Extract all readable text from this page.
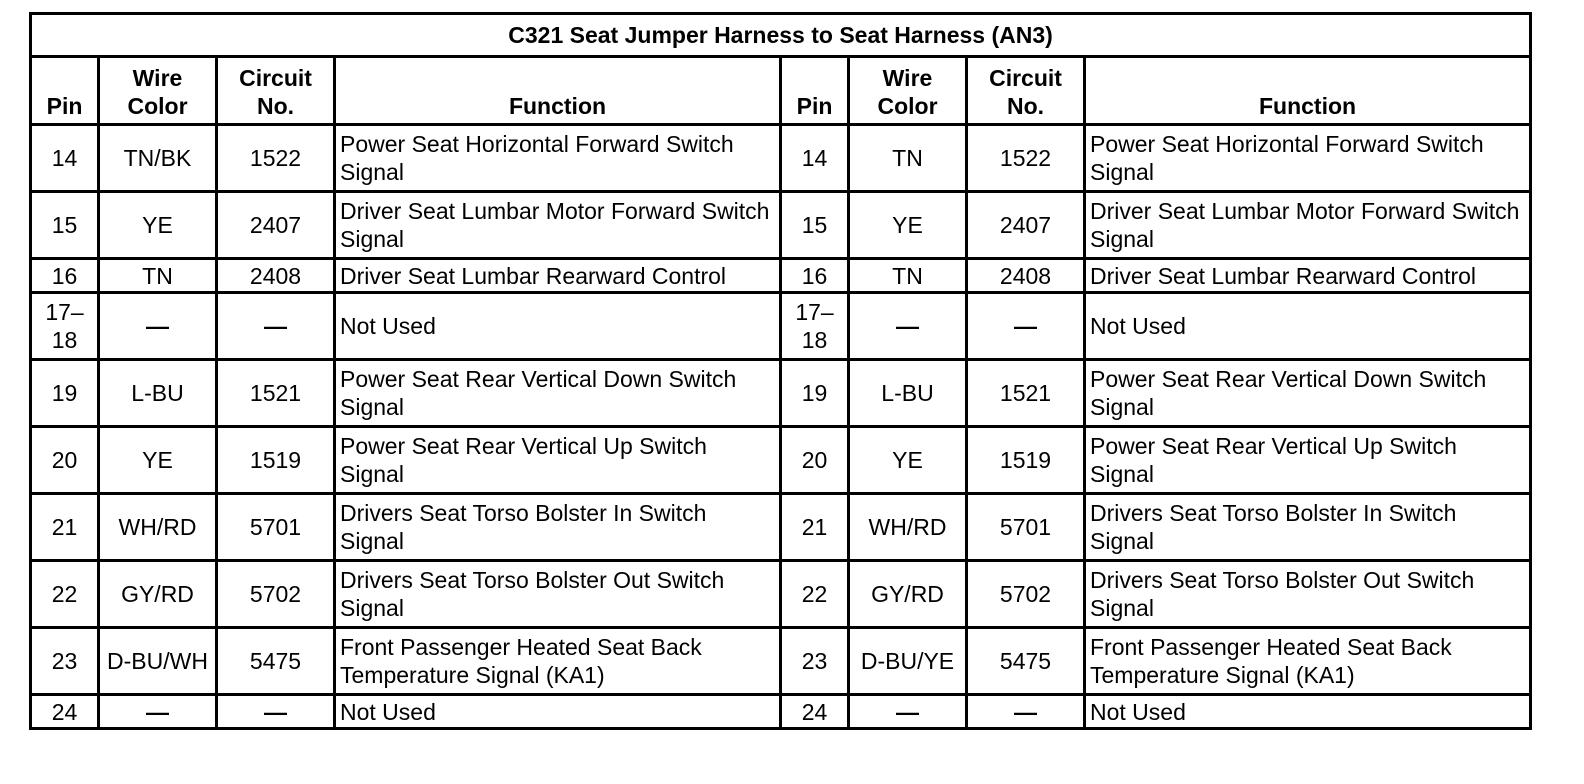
C321 Seat Jumper Harness to Seat Harness (AN3)							
Pin	Wire Color	Circuit No.	Function	Pin	Wire Color	Circuit No.	Function
14	TN/BK	1522	Power Seat Horizontal Forward Switch Signal	14	TN	1522	Power Seat Horizontal Forward Switch Signal
15	YE	2407	Driver Seat Lumbar Motor Forward Switch Signal	15	YE	2407	Driver Seat Lumbar Motor Forward Switch Signal
16	TN	2408	Driver Seat Lumbar Rearward Control	16	TN	2408	Driver Seat Lumbar Rearward Control
17–18	—	—	Not Used	17–18	—	—	Not Used
19	L-BU	1521	Power Seat Rear Vertical Down Switch Signal	19	L-BU	1521	Power Seat Rear Vertical Down Switch Signal
20	YE	1519	Power Seat Rear Vertical Up Switch Signal	20	YE	1519	Power Seat Rear Vertical Up Switch Signal
21	WH/RD	5701	Drivers Seat Torso Bolster In Switch Signal	21	WH/RD	5701	Drivers Seat Torso Bolster In Switch Signal
22	GY/RD	5702	Drivers Seat Torso Bolster Out Switch Signal	22	GY/RD	5702	Drivers Seat Torso Bolster Out Switch Signal
23	D-BU/WH	5475	Front Passenger Heated Seat Back Temperature Signal (KA1)	23	D-BU/YE	5475	Front Passenger Heated Seat Back Temperature Signal (KA1)
24	—	—	Not Used	24	—	—	Not Used
